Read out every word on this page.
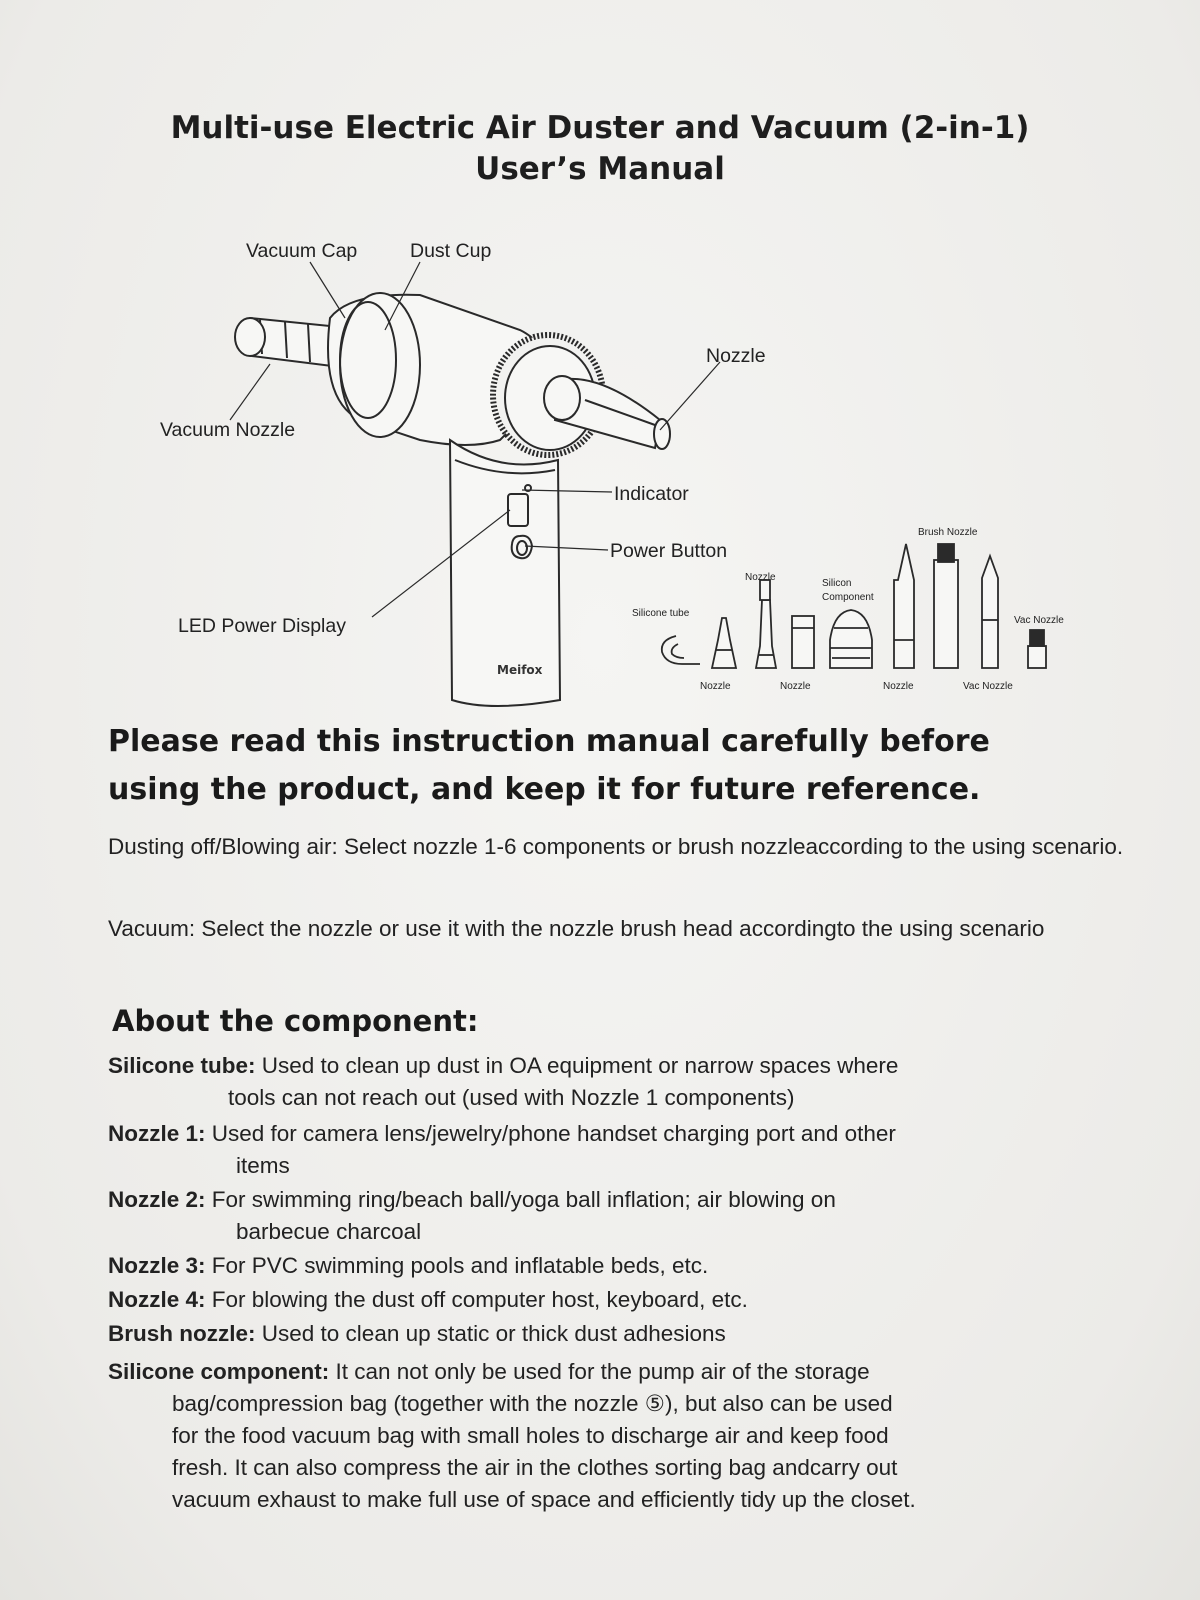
Multi-use Electric Air Duster and Vacuum (2-in-1)
User’s Manual
Meifox
Vacuum Cap	Dust Cup
Nozzle
Vacuum Nozzle
Indicator
Power Button
LED Power Display
Brush Nozzle
Nozzle
Silicon
Component
Silicone tube
Vac Nozzle
Nozzle	Nozzle	Nozzle	Vac Nozzle
Please read this instruction manual carefully before
using the product, and keep it for future reference.
Dusting off/Blowing air: Select nozzle 1-6 components or brush nozzleaccording to the using scenario.
Vacuum: Select the nozzle or use it with the nozzle brush head accordingto the using scenario
About the component:
Silicone tube: Used to clean up dust in OA equipment or narrow spaces where
tools can not reach out (used with Nozzle 1 components)
Nozzle 1: Used for camera lens/jewelry/phone handset charging port and other
items
Nozzle 2: For swimming ring/beach ball/yoga ball inflation; air blowing on
barbecue charcoal
Nozzle 3: For PVC swimming pools and inflatable beds, etc.
Nozzle 4: For blowing the dust off computer host, keyboard, etc.
Brush nozzle: Used to clean up static or thick dust adhesions
Silicone component: It can not only be used for the pump air of the storage
bag/compression bag (together with the nozzle ⑤), but also can be used
for the food vacuum bag with small holes to discharge air and keep food
fresh. It can also compress the air in the clothes sorting bag andcarry out
vacuum exhaust to make full use of space and efficiently tidy up the closet.
